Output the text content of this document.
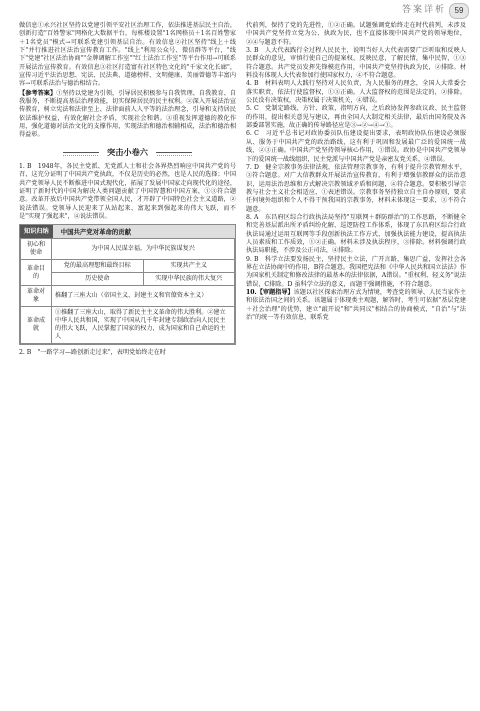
答案详析	59

做信息①永兴社区坚持以党建引领平安社区治理工作，依法推进基层民主自治，创新打造"百姓警家"网格化大数据平台，每栋楼设置"1名网格员＋1名百姓警家＋1名党员"模式→可联系党建引领基层自治。有效信息②社区坚持"线上＋线下"并行推进社区法治宣传教育工作。"线上"利用公众号、微信群等平台，"线下"党建"社区法治协商""金牌调解工作室""红土法治工作室"等平台作用→可联系开展法治宣传教育。有效信息③社区打造富有社区特色文化的"千家文化长廊"，宣传习近平法治思想、宪法、民法典、道德榜样、文明健康、美丽曾德等丰富内容→可联系法治与德治相结合。

【参考答案】①坚持以党建为引领，引导居民积极参与自我管理、自我教育、自我服务，不断提高基层治理效能，切实保障居民的民主权利。②深入开展法治宣传教育，树立宪法和法律至上、法律面前人人平等的法治理念，引导和支持居民依法维护权益，有效化解社会矛盾，实现社会和谐。③重视发挥道德的教化作用，强化道德对法治文化的支撑作用，实现法治和德治相辅相成，法治和德治相得益彰。

突击小卷六

1. B　1948年，各民主党派、无党派人士和社会各界热烈响应中国共产党的号召，这充分证明了中国共产党执政，不仅是历史的必然，也是人民的选择；中国共产党领导人民不断推进中国式现代化，拓展了发展中国家走向现代化的途径，证明了新时代的中国为解决人类问题贡献了中国智慧和中国方案，①③符合题意。改革开放后中国共产党带领全国人民，才开辟了中国特色社会主义道路，②说法错误。党领导人民迎来了从站起来、富起来到强起来的伟大飞跃，而不是"实现了强起来"，④说法错误。

知识归纳	中国共产党对革命的贡献
初心和使命	为中国人民谋幸福，为中华民族谋复兴	
革命目的	党的最高理想和最终目标	实现共产主义
	历史使命	实现中华民族的伟大复兴
革命对象	推翻了三座大山（帝国主义、封建主义和官僚资本主义）	
革命成就	①推翻了三座大山，取得了新民主主义革命的伟大胜利。②建立中华人民共和国，实现了中国从几千年封建专制政治向人民民主的伟大飞跃，人民掌握了国家的权力，成为国家和自己命运的主人	

2. B　"一路学习—路创新走过来"，表明党始终走在时

代前列，保持了党的先进性，①②正确。试题强调党始终走在时代前列，未涉及中国共产党坚持立党为公、执政为民，也不直接体现中国共产党的领导地位，②④与题意不符。

3. B　人大代表践行全过程人民民主，说明当好人大代表需要广泛听取和反映人民群众的意见，审慎行使自己的提案权、反映民意，了解民情，集中民智，①③符合题意。共产党员发挥先锋模范作用，中国共产党坚持执政为民，②排除。材料没有体现人大代表参加行使国家权力，④不符合题意。

4. B　材料表明人大践行坚持对人民负责，为人民服务的理念，全国人大常委会落实职责，依法行使监督权，①③正确。人大监督权的范围是法定的，②排除。公民没有决策权，决策权属于决策机关，④错误。

5. C　党制定路线、方针、政策，指明方向，之后政协发挥参政议政、民主监督的作用，提出相关意见与建议，再由全国人大制定相关法律，最后由国务院及各部委部署实施，故正确的传导路径应是③→②→④→①。

6. C　习近平总书记对政协委员队伍建设提出要求，表明政协队伍建设必须服从、服务于中国共产党的政治路线，这有利于巩固和发展最广泛的爱国统一战线，②③正确。中国共产党坚持领导核心作用，①错误。政协是中国共产党领导下的爱国统一战线组织，民主党派与中国共产党是亲密友党关系，④错误。

7. D　健全宗教事务法律法规，依法管理宗教事务，有利于提升宗教管理水平，③符合题意。对广大信教群众开展法治宣传教育，有利于增强信教群众的法治意识，运用法治思维和方式解决宗教领域矛盾和问题，④符合题意。要积极引导宗教与社会主义社会相适应，①表述错误。宗教事务坚持独立自主自办原则，要求任何境外组织和个人不得干预我国的宗教事务，材料未体现这一要求，③不符合题意。

8. A　东昌府区综合行政执法局坚持"互联网＋群防群治"的工作思路，不断健全和完善基层派出所矛盾纠纷化解、巡逻防控工作体系，体现了东昌府区综合行政执法局通过运用互联网等手段创新执法工作方式，加强执法能力建设，提高执法人员素质和工作质效，①②正确。材料未涉及执法程序，③排除。材料强调行政执法局职能，不涉及公正司法，④排除。

9. B　科学立法要发扬民主，坚持民主立法，广开言路，集思广益，发挥社会各界在立法协商中的作用，B符合题意。我国把宪法和《中华人民共和国立法法》作为国家机关制定和修改法律的最基本的法律依据，A错误。"重权利、轻义务"说法错误，C排除。D 虽科学立法的意义，而题干强调措施，不符合题意。

10.【审题指导】该题以社区探索治理方式为情境，考查党的领导、人民当家作主和依法治国之间的关系。该题属于体现类主观题，解答时，考生可依据"基层党建＋社会治理"的优势，建立"敲开说"和"共同议"相结合的协商模式，"自治"与"法治"的统一等有效信息，联系党
